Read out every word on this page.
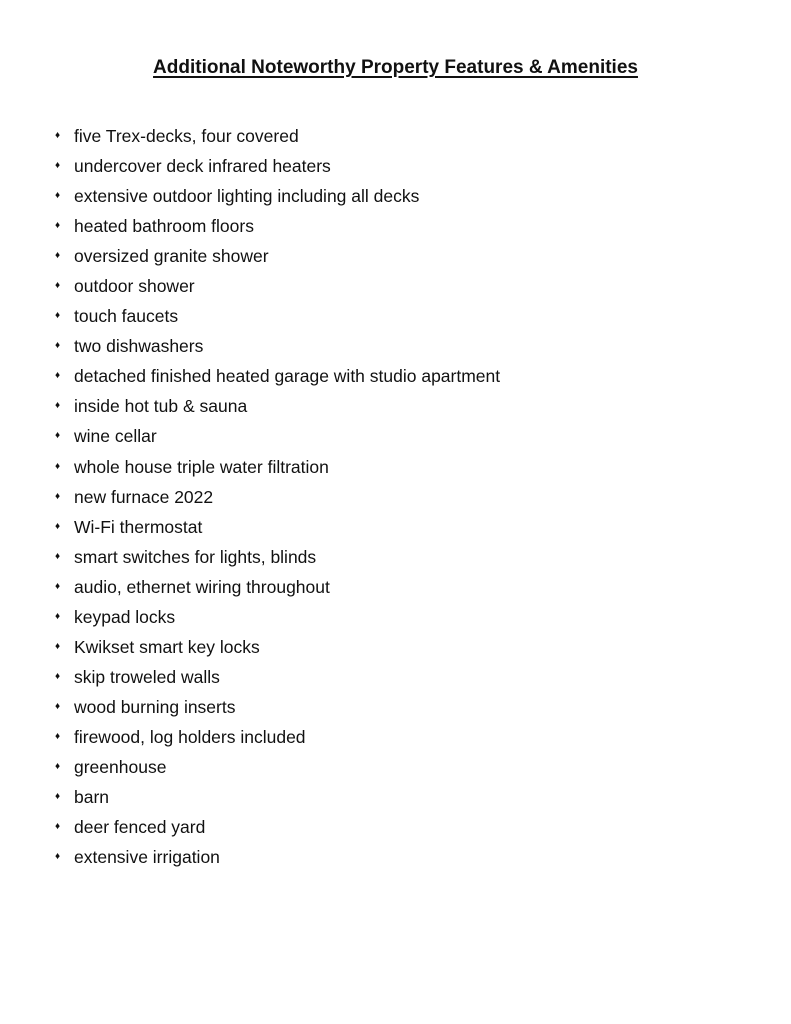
Additional Noteworthy Property Features & Amenities
♦ five Trex-decks, four covered
♦ undercover deck infrared heaters
♦ extensive outdoor lighting including all decks
♦ heated bathroom floors
♦ oversized granite shower
♦ outdoor shower
♦ touch faucets
♦ two dishwashers
♦ detached finished heated garage with studio apartment
♦ inside hot tub & sauna
♦ wine cellar
♦ whole house triple water filtration
♦ new furnace 2022
♦ Wi-Fi thermostat
♦ smart switches for lights, blinds
♦ audio, ethernet wiring throughout
♦ keypad locks
♦ Kwikset smart key locks
♦ skip troweled walls
♦ wood burning inserts
♦ firewood, log holders included
♦ greenhouse
♦ barn
♦ deer fenced yard
♦ extensive irrigation
